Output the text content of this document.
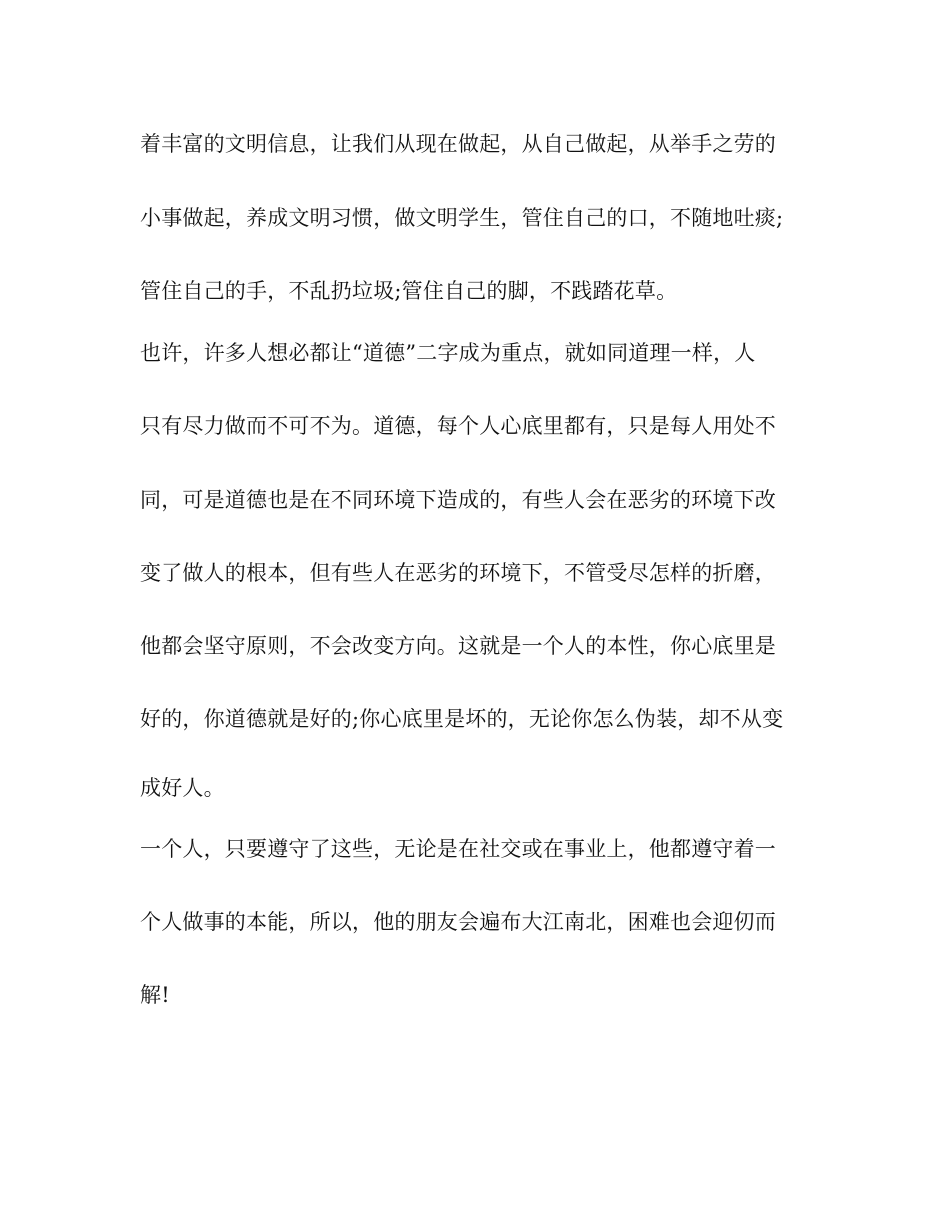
着丰富的文明信息，让我们从现在做起，从自己做起，从举手之劳的
小事做起，养成文明习惯，做文明学生，管住自己的口，不随地吐痰;
管住自己的手，不乱扔垃圾;管住自己的脚，不践踏花草。
也许，许多人想必都让“道德”二字成为重点，就如同道理一样，人
只有尽力做而不可不为。道德，每个人心底里都有，只是每人用处不
同，可是道德也是在不同环境下造成的，有些人会在恶劣的环境下改
变了做人的根本，但有些人在恶劣的环境下，不管受尽怎样的折磨，
他都会坚守原则，不会改变方向。这就是一个人的本性，你心底里是
好的，你道德就是好的;你心底里是坏的，无论你怎么伪装，却不从变
成好人。
一个人，只要遵守了这些，无论是在社交或在事业上，他都遵守着一
个人做事的本能，所以，他的朋友会遍布大江南北，困难也会迎仞而
解!
